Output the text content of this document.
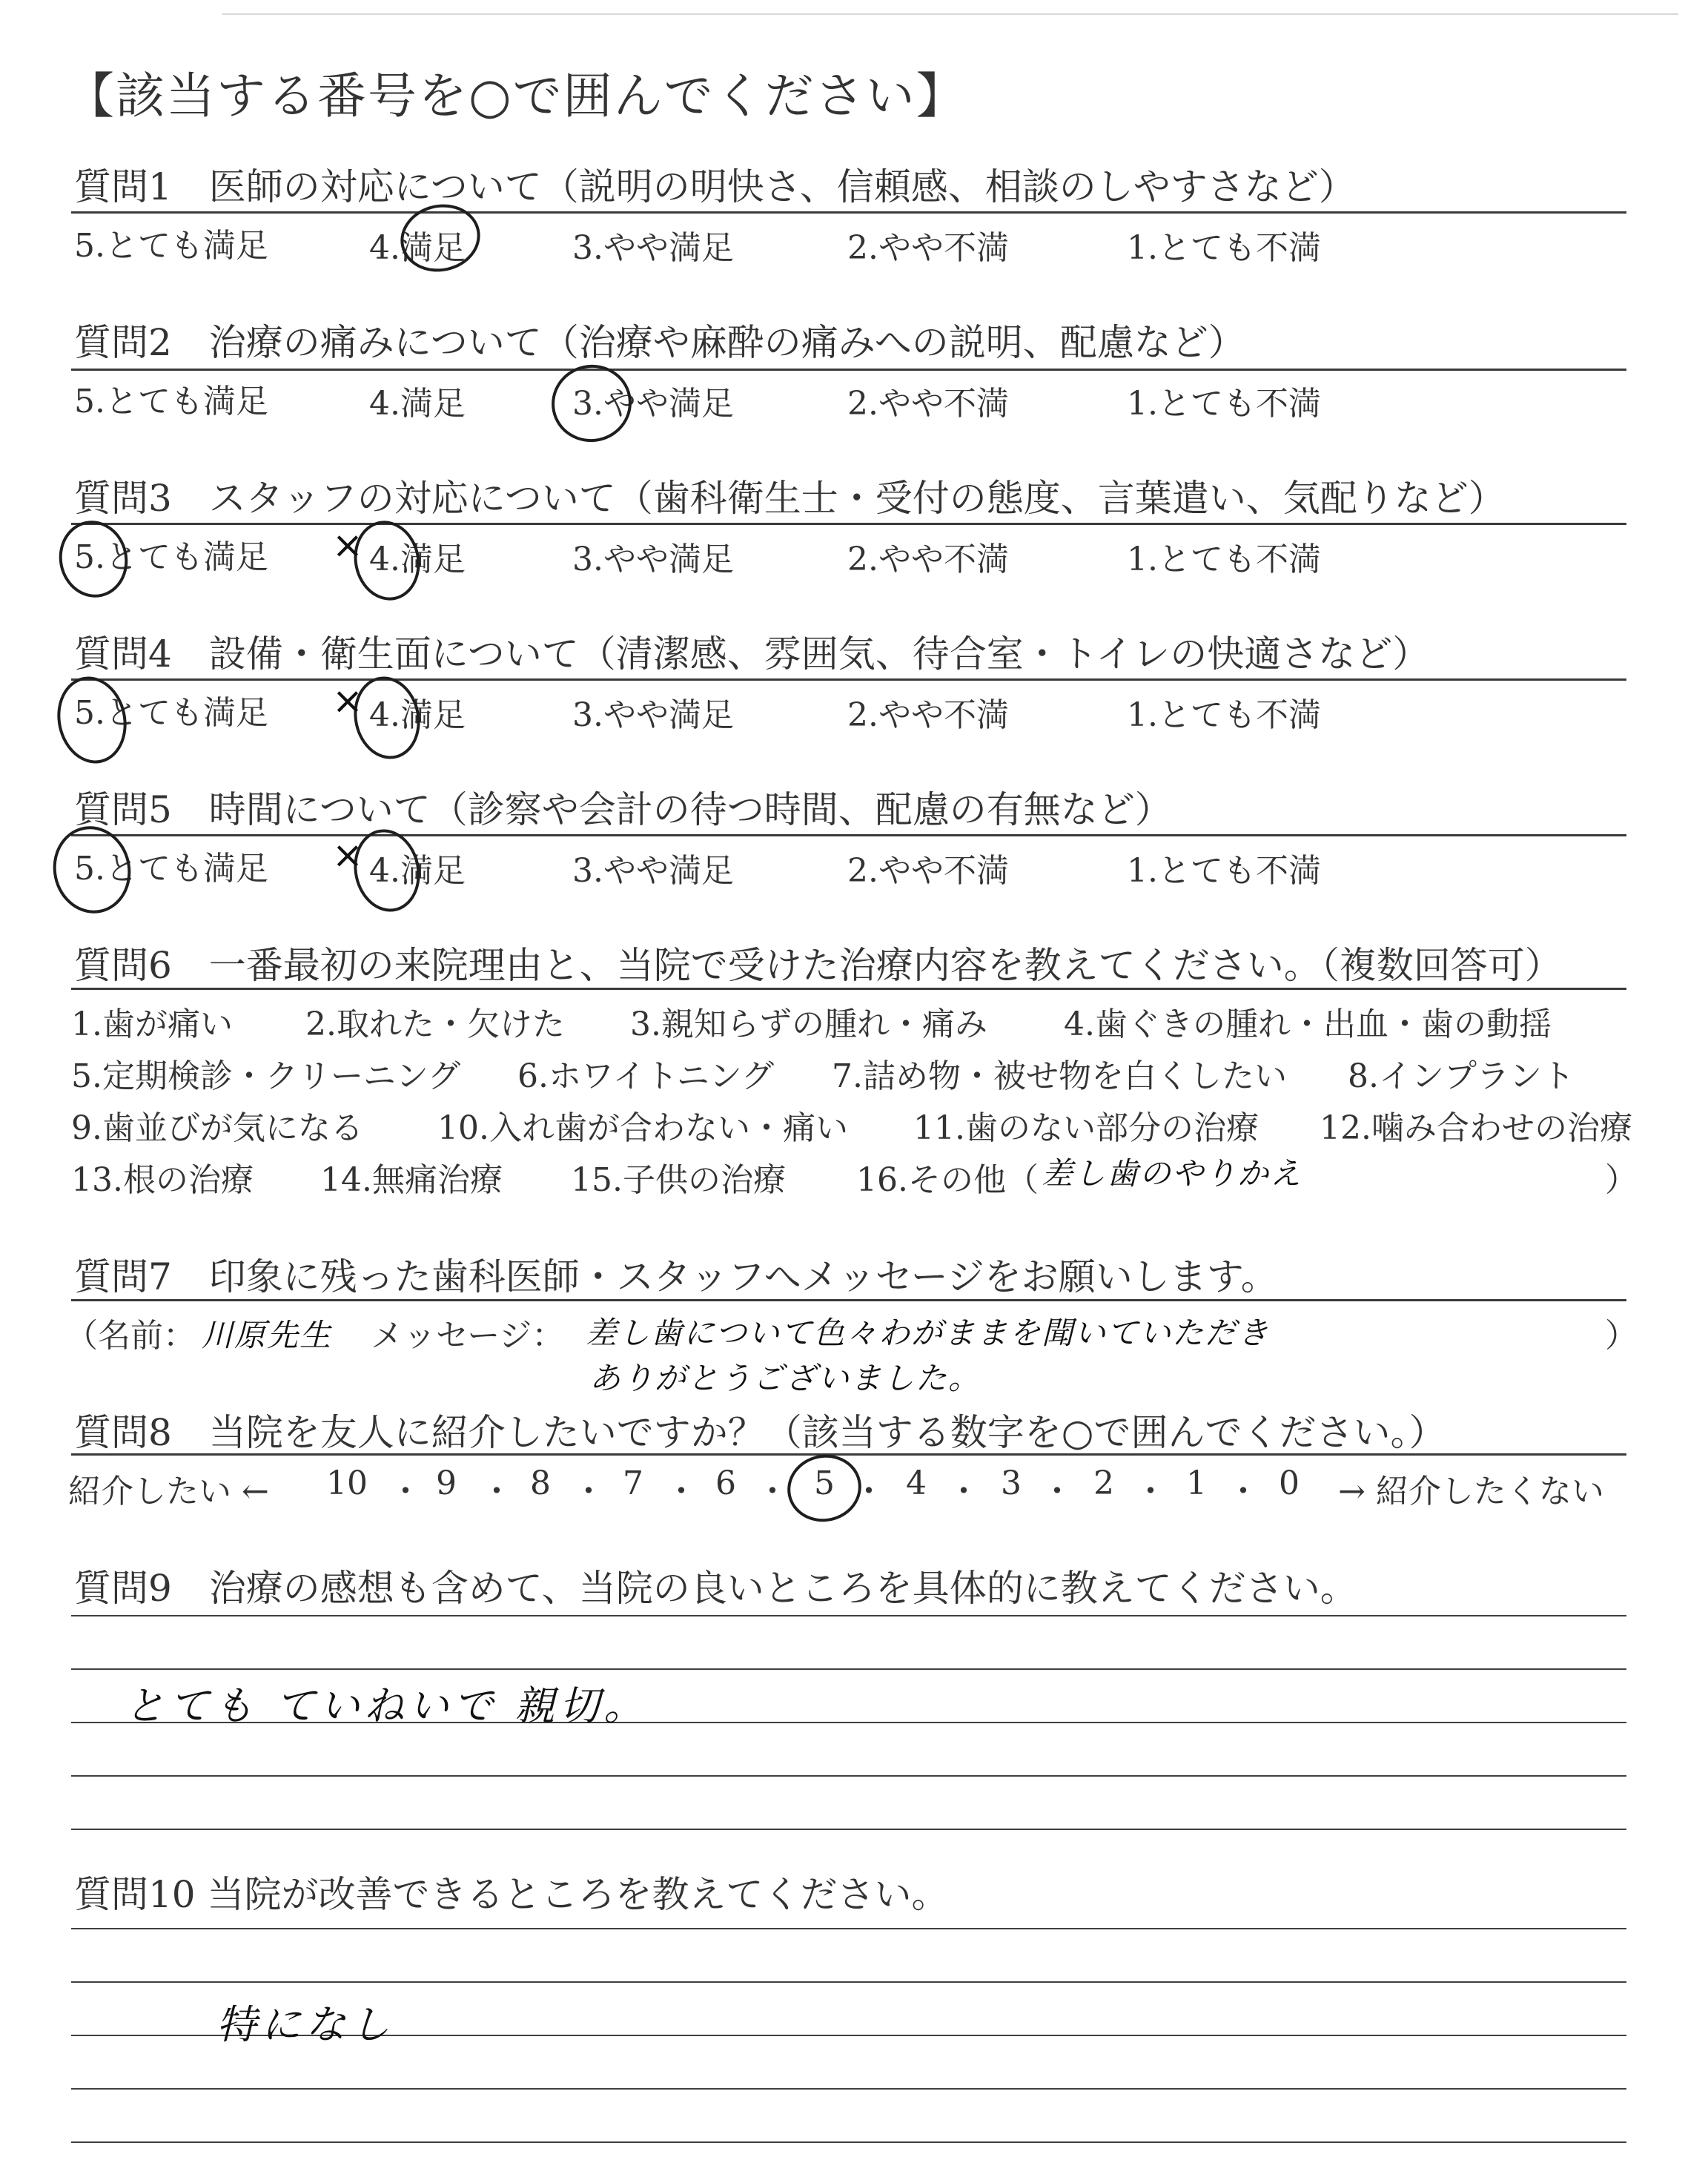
【該当する番号を○で囲んでください】
質問1　医師の対応について（説明の明快さ、信頼感、相談のしやすさなど）
5.とても満足	4.満足	3.やや満足	2.やや不満	1.とても不満
質問2　治療の痛みについて（治療や麻酔の痛みへの説明、配慮など）
5.とても満足	4.満足	3.やや満足	2.やや不満	1.とても不満
質問3　スタッフの対応について（歯科衛生士・受付の態度、言葉遣い、気配りなど）
5.とても満足	4.満足	3.やや満足	2.やや不満	1.とても不満
×
質問4　設備・衛生面について（清潔感、雰囲気、待合室・トイレの快適さなど）
5.とても満足	4.満足	3.やや満足	2.やや不満	1.とても不満
×
質問5　時間について（診察や会計の待つ時間、配慮の有無など）
5.とても満足	4.満足	3.やや満足	2.やや不満	1.とても不満
×
質問6　一番最初の来院理由と、当院で受けた治療内容を教えてください。（複数回答可）
1.歯が痛い 2.取れた・欠けた 3.親知らずの腫れ・痛み 4.歯ぐきの腫れ・出血・歯の動揺
5.定期検診・クリーニング 6.ホワイトニング 7.詰め物・被せ物を白くしたい 8.インプラント
9.歯並びが気になる 10.入れ歯が合わない・痛い 11.歯のない部分の治療 12.噛み合わせの治療
13.根の治療 14.無痛治療 15.子供の治療 16.その他（ 差し歯のやりかえ	）
質問7　印象に残った歯科医師・スタッフへメッセージをお願いします。
（名前： 川原先生 メッセージ： 差し歯について色々わがままを聞いていただき
ありがとうございました。
）
質問8　当院を友人に紹介したいですか？（該当する数字を○で囲んでください。）
紹介したい ← 10 ・ 9 ・ 8 ・ 7 ・ 6 ・ 5 ・ 4 ・ 3 ・ 2 ・ 1 ・ 0 → 紹介したくない
質問9　治療の感想も含めて、当院の良いところを具体的に教えてください。
とても ていねいで 親切。
質問10 当院が改善できるところを教えてください。
特になし
